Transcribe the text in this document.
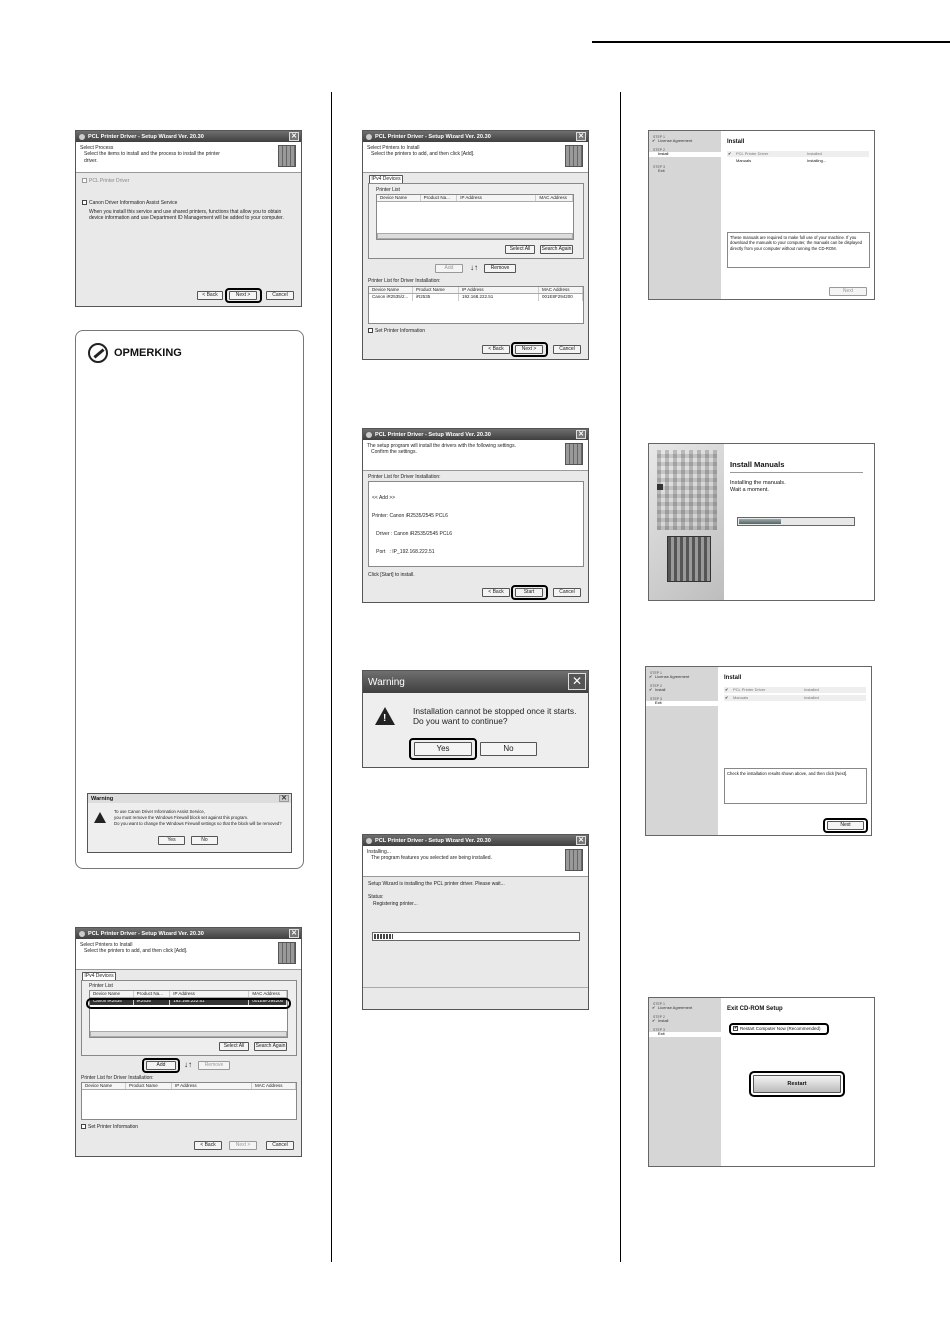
PCL Printer Driver - Setup Wizard Ver. 20.30	✕
Select Process
Select the items to install and the process to install the printer driver.
PCL Printer Driver
Canon Driver Information Assist Service
When you install this service and use shared printers, functions that allow you to obtain device information and use Department ID Management will be added to your computer.
< Back	Next >	Cancel
OPMERKING
Warning	✕
To use Canon Driver Information Assist Service,
you must remove the Windows Firewall block set against this program.
Do you want to change the Windows Firewall settings so that the block will be removed?
Yes	No
PCL Printer Driver - Setup Wizard Ver. 20.30	✕
Select Printers to Install
Select the printers to add, and then click [Add].
IPv4 Devices
Printer List
Device Name	Product Na...	IP Address	MAC Address
Canon iR2535	iR2535	192.168.222.51	001E8F294200
Select All	Search Again
Add	↓↑	Remove
Printer List for Driver Installation:
Device Name	Product Name	IP Address	MAC Address
Set Printer Information
< Back	Next >	Cancel
PCL Printer Driver - Setup Wizard Ver. 20.30	✕
Select Printers to Install
Select the printers to add, and then click [Add].
IPv4 Devices
Printer List
Device Name	Product Na...	IP Address	MAC Address
Select All	Search Again
Add	↓↑	Remove
Printer List for Driver Installation:
Device Name	Product Name	IP Address	MAC Address
Canon iR2535/2...	iR2535	192.168.222.51	001E8F294200
Set Printer Information
< Back	Next >	Cancel
PCL Printer Driver - Setup Wizard Ver. 20.30	✕
The setup program will install the drivers with the following settings.
Confirm the settings.
Printer List for Driver Installation:

<< Add >>

Printer: Canon iR2535/2545 PCL6

Driver : Canon iR2535/2545 PCL6

Port   : IP_192.168.222.51

Click [Start] to install.
< Back	Start	Cancel
Warning	✕
!
Installation cannot be stopped once it starts.
Do you want to continue?
Yes	No
PCL Printer Driver - Setup Wizard Ver. 20.30	✕
Installing...
The program features you selected are being installed.
Setup Wizard is installing the PCL printer driver. Please wait...
Status:
Registering printer...
STEP 1
✔ License Agreement
STEP 2
Install
STEP 3
Exit
Install
✔ PCL Printer Driver	Installed
Manuals	Installing...
These manuals are required to make full use of your machine. If you download the manuals to your computer, the manuals can be displayed directly from your computer without running the CD-ROM.
Next
Install Manuals
Installing the manuals.
Wait a moment.
STEP 1
✔ License Agreement
STEP 2
✔ Install
STEP 3
Exit
Install
✔ PCL Printer Driver	Installed
✔ Manuals	Installed
Check the installation results shown above, and then click [Next].
Next
STEP 1
✔ License Agreement
STEP 2
✔ Install
STEP 3
Exit
Exit CD-ROM Setup
✔ Restart Computer Now (Recommended)
Restart
